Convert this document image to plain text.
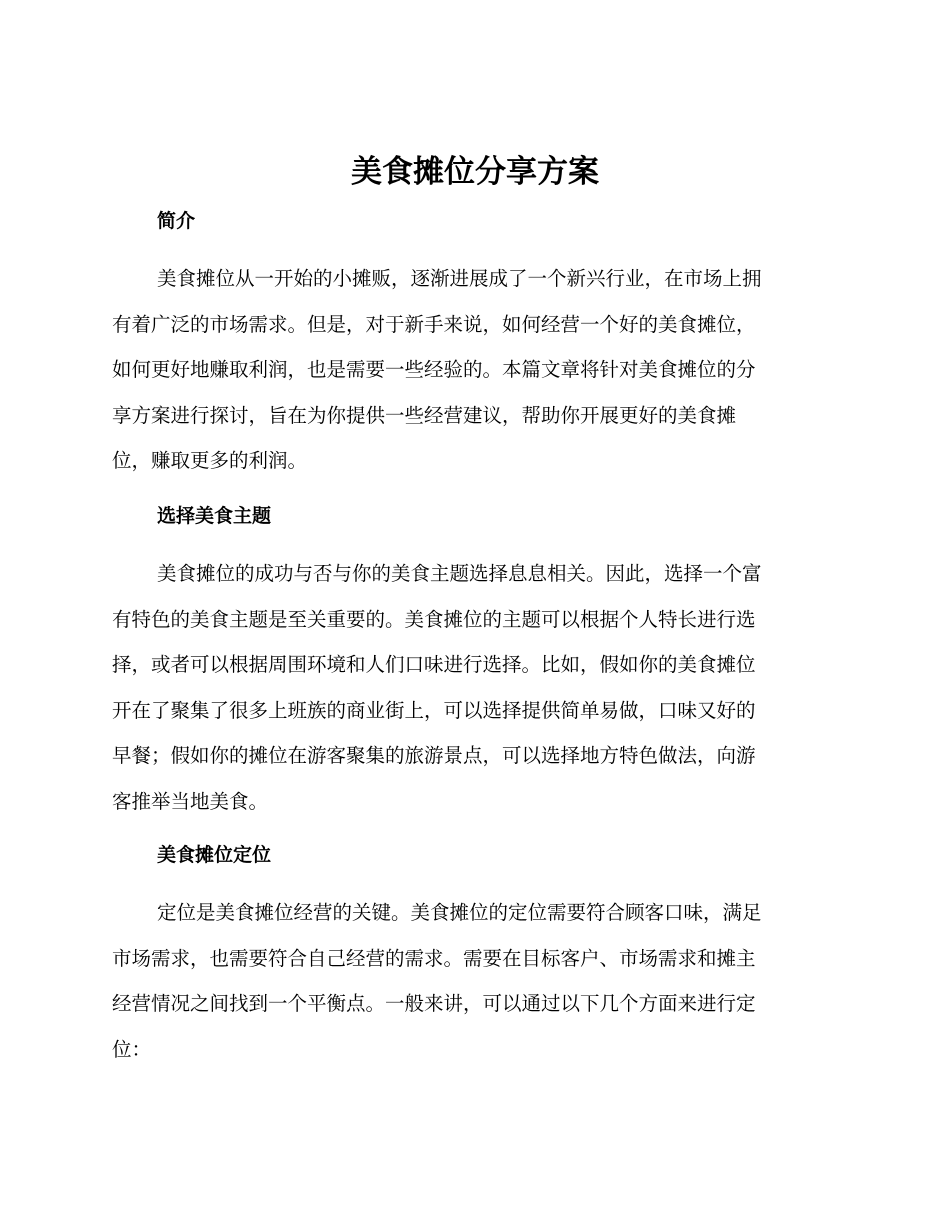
美食摊位分享方案
简介
美食摊位从一开始的小摊贩，逐渐进展成了一个新兴行业，在市场上拥
有着广泛的市场需求。但是，对于新手来说，如何经营一个好的美食摊位，
如何更好地赚取利润，也是需要一些经验的。本篇文章将针对美食摊位的分
享方案进行探讨，旨在为你提供一些经营建议，帮助你开展更好的美食摊
位，赚取更多的利润。
选择美食主题
美食摊位的成功与否与你的美食主题选择息息相关。因此，选择一个富
有特色的美食主题是至关重要的。美食摊位的主题可以根据个人特长进行选
择，或者可以根据周围环境和人们口味进行选择。比如，假如你的美食摊位
开在了聚集了很多上班族的商业街上，可以选择提供简单易做，口味又好的
早餐；假如你的摊位在游客聚集的旅游景点，可以选择地方特色做法，向游
客推举当地美食。
美食摊位定位
定位是美食摊位经营的关键。美食摊位的定位需要符合顾客口味，满足
市场需求，也需要符合自己经营的需求。需要在目标客户、市场需求和摊主
经营情况之间找到一个平衡点。一般来讲，可以通过以下几个方面来进行定
位：
